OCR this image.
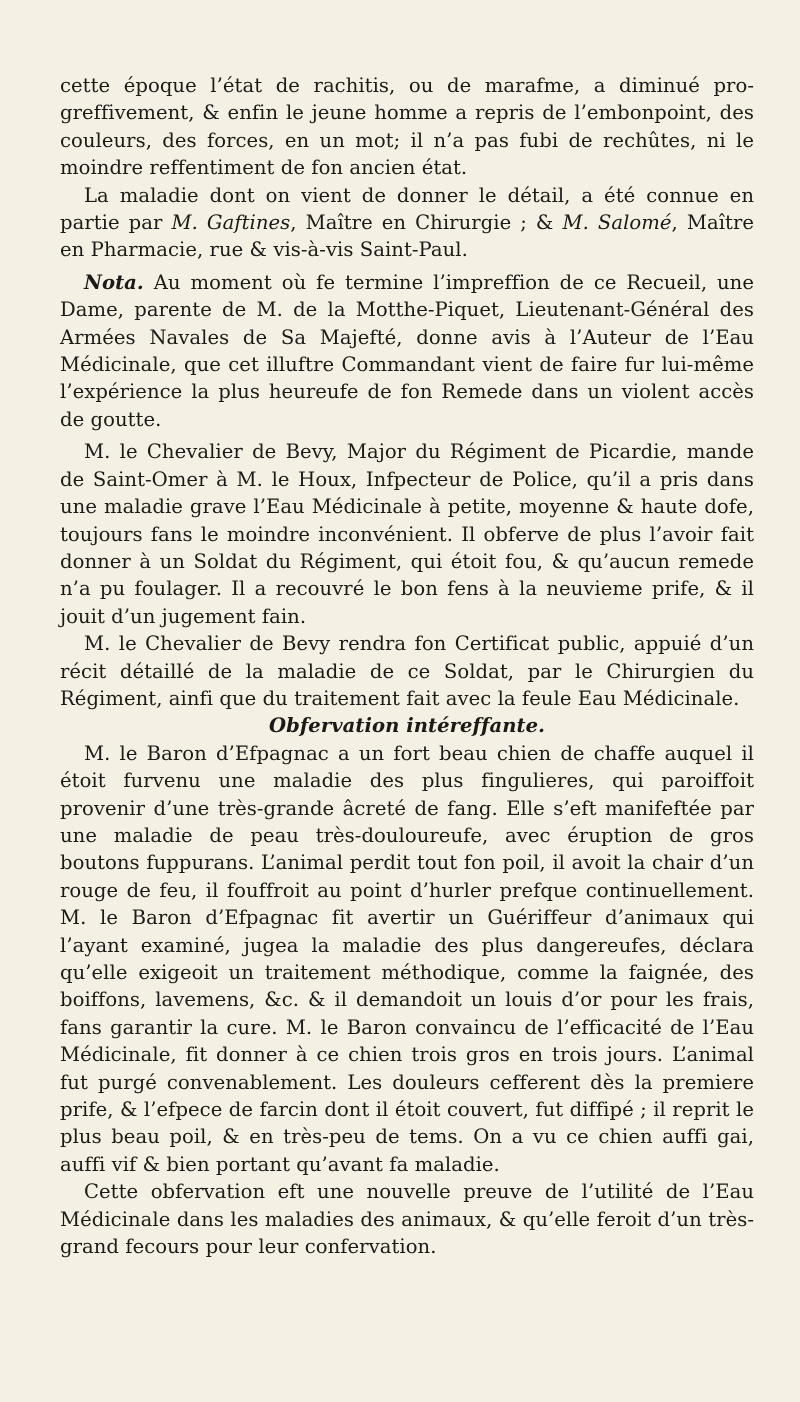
cette époque l’état de rachitis, ou de marafme, a diminué pro-greffivement, & enfin le jeune homme a repris de l’embonpoint, des couleurs, des forces, en un mot; il n’a pas fubi de rechûtes, ni le moindre reffentiment de fon ancien état.

La maladie dont on vient de donner le détail, a été connue en partie par M. Gaftines, Maître en Chirurgie ; & M. Salomé, Maître en Pharmacie, rue & vis-à-vis Saint-Paul.

Nota. Au moment où fe termine l’impreffion de ce Recueil, une Dame, parente de M. de la Motthe-Piquet, Lieutenant-Général des Armées Navales de Sa Majefté, donne avis à l’Auteur de l’Eau Médicinale, que cet illuftre Commandant vient de faire fur lui-même l’expérience la plus heureufe de fon Remede dans un violent accès de goutte.

M. le Chevalier de Bevy, Major du Régiment de Picardie, mande de Saint-Omer à M. le Houx, Infpecteur de Police, qu’il a pris dans une maladie grave l’Eau Médicinale à petite, moyenne & haute dofe, toujours fans le moindre inconvénient. Il obferve de plus l’avoir fait donner à un Soldat du Régiment, qui étoit fou, & qu’aucun remede n’a pu foulager. Il a recouvré le bon fens à la neuvieme prife, & il jouit d’un jugement fain.

M. le Chevalier de Bevy rendra fon Certificat public, appuié d’un récit détaillé de la maladie de ce Soldat, par le Chirurgien du Régiment, ainfi que du traitement fait avec la feule Eau Médicinale.

Obfervation intéreffante.

M. le Baron d’Efpagnac a un fort beau chien de chaffe auquel il étoit furvenu une maladie des plus fingulieres, qui paroiffoit provenir d’une très-grande âcreté de fang. Elle s’eft manifeftée par une maladie de peau très-douloureufe, avec éruption de gros boutons fuppurans. L’animal perdit tout fon poil, il avoit la chair d’un rouge de feu, il fouffroit au point d’hurler prefque continuellement. M. le Baron d’Efpagnac fit avertir un Guériffeur d’animaux qui l’ayant examiné, jugea la maladie des plus dangereufes, déclara qu’elle exigeoit un traitement méthodique, comme la faignée, des boiffons, lavemens, &c. & il demandoit un louis d’or pour les frais, fans garantir la cure. M. le Baron convaincu de l’efficacité de l’Eau Médicinale, fit donner à ce chien trois gros en trois jours. L’animal fut purgé convenablement. Les douleurs cefferent dès la premiere prife, & l’efpece de farcin dont il étoit couvert, fut diffipé ; il reprit le plus beau poil, & en très-peu de tems. On a vu ce chien auffi gai, auffi vif & bien portant qu’avant fa maladie.

Cette obfervation eft une nouvelle preuve de l’utilité de l’Eau Médicinale dans les maladies des animaux, & qu’elle feroit d’un très-grand fecours pour leur confervation.
